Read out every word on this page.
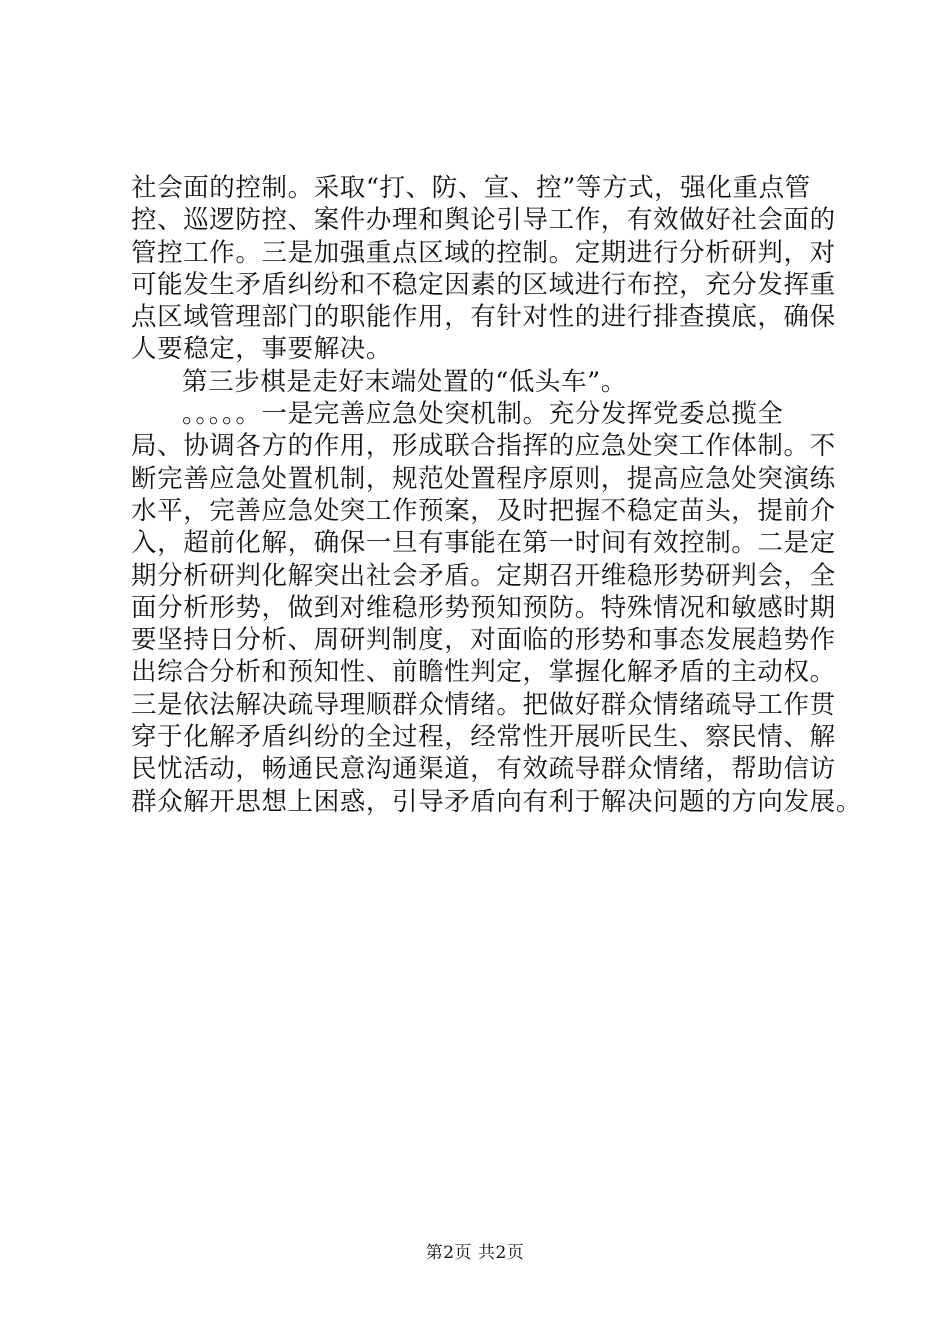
社会面的控制。采取“打、防、宣、控”等方式，强化重点管
控、巡逻防控、案件办理和舆论引导工作，有效做好社会面的
管控工作。三是加强重点区域的控制。定期进行分析研判，对
可能发生矛盾纠纷和不稳定因素的区域进行布控，充分发挥重
点区域管理部门的职能作用，有针对性的进行排查摸底，确保
人要稳定，事要解决。
第三步棋是走好末端处置的“低头车”。
。。。。。一是完善应急处突机制。充分发挥党委总揽全
局、协调各方的作用，形成联合指挥的应急处突工作体制。不
断完善应急处置机制，规范处置程序原则，提高应急处突演练
水平，完善应急处突工作预案，及时把握不稳定苗头，提前介
入，超前化解，确保一旦有事能在第一时间有效控制。二是定
期分析研判化解突出社会矛盾。定期召开维稳形势研判会，全
面分析形势，做到对维稳形势预知预防。特殊情况和敏感时期
要坚持日分析、周研判制度，对面临的形势和事态发展趋势作
出综合分析和预知性、前瞻性判定，掌握化解矛盾的主动权。
三是依法解决疏导理顺群众情绪。把做好群众情绪疏导工作贯
穿于化解矛盾纠纷的全过程，经常性开展听民生、察民情、解
民忧活动，畅通民意沟通渠道，有效疏导群众情绪，帮助信访
群众解开思想上困惑，引导矛盾向有利于解决问题的方向发展。
第2页 共2页
